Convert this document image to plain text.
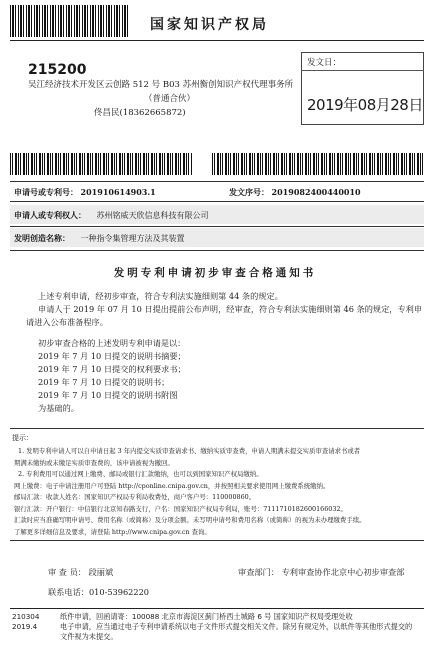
国家知识产权局
215200
吴江经济技术开发区云创路 512 号 B03 苏州衡创知识产权代理事务所
（普通合伙）
佟昌民(18362665872)
发文日：
2019年08月28日
申请号或专利号： 201910614903.1	发文序号： 2019082400440010
申请人或专利权人： 苏州铭威天欣信息科技有限公司
发明创造名称： 一种指令集管理方法及其装置
发明专利申请初步审查合格通知书
上述专利申请，经初步审查，符合专利法实施细则第 44 条的规定。
申请人于 2019 年 07 月 10 日提出提前公布声明，经审查，符合专利法实施细则第 46 条的规定，专利申
请进入公布准备程序。
初步审查合格的上述发明专利申请是以：
2019 年 7 月 10 日提交的说明书摘要；
2019 年 7 月 10 日提交的权利要求书；
2019 年 7 月 10 日提交的说明书；
2019 年 7 月 10 日提交的说明书附图
为基础的。
提示：
1. 发明专利申请人可以自申请日起 3 年内提交实质审查请求书、缴纳实质审查费，申请人期满未提交实质审查请求书或者
期满未缴纳或未缴足实质审查费的，该申请被视为撤回。
2. 专利费用可以通过网上缴费、邮局或银行汇款缴纳，也可以到国家知识产权局缴纳。
网上缴费：电子申请注册用户可登陆 http://cponline.cnipa.gov.cn，并按照相关要求使用网上缴费系统缴纳。
邮局汇款：收款人姓名：国家知识产权局专利局收费处，商户客户号：110000860。
银行汇款：开户银行：中信银行北京知春路支行，户名：国家知识产权局专利局，账号：7111710182600166032。
汇款时应当准确写明申请号、费用名称（或简称）及分项金额。未写明申请号和费用名称（或简称）的视为未办理缴费手续。
了解更多详细信息及要求，请登陆 http://www.cnipa.gov.cn 查询。
审 查 员： 段丽斌	审查部门： 专利审查协作北京中心初步审查部
联系电话：010-53962220
210304
2019.4
纸件申请，回函请寄：100088 北京市海淀区蓟门桥西土城路 6 号 国家知识产权局受理处收
电子申请，应当通过电子专利申请系统以电子文件形式提交相关文件。除另有规定外，以纸件等其他形式提交的
文件视为未提交。
